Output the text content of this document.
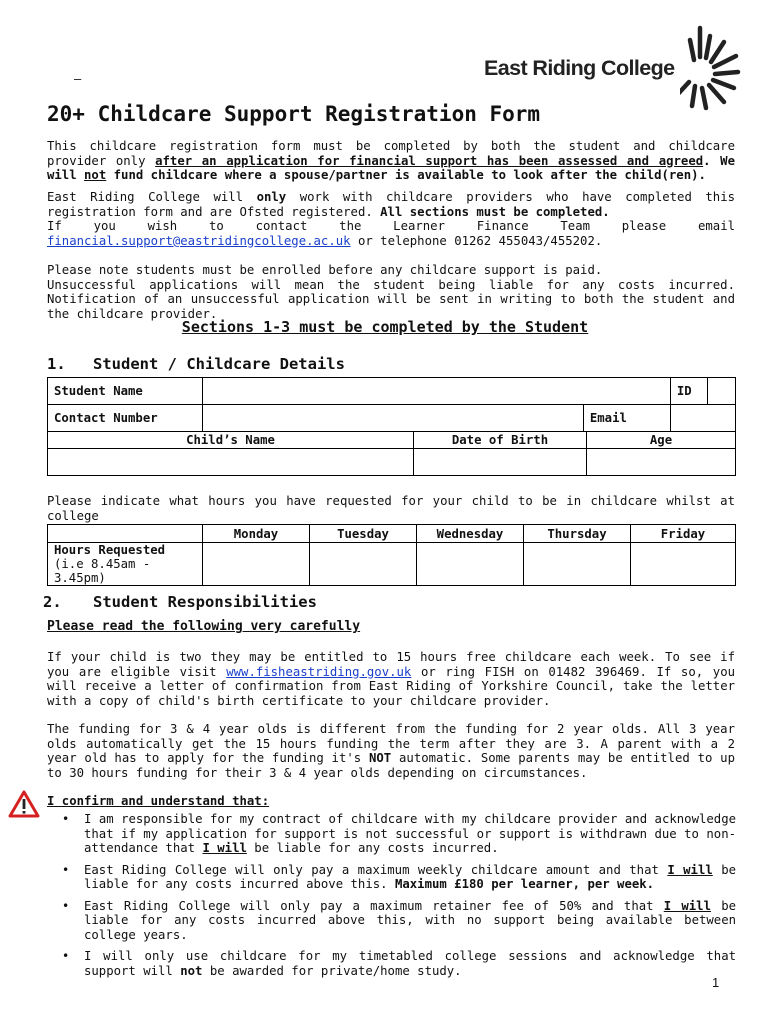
–	East Riding College
20+ Childcare Support Registration Form

This childcare registration form must be completed by both the student and childcare provider only after an application for financial support has been assessed and agreed. We will not fund childcare where a spouse/partner is available to look after the child(ren).

East Riding College will only work with childcare providers who have completed this registration form and are Ofsted registered. All sections must be completed.

If you wish to contact the Learner Finance Team please email

financial.support@eastridingcollege.ac.uk or telephone 01262 455043/455202.

Please note students must be enrolled before any childcare support is paid.

Unsuccessful applications will mean the student being liable for any costs incurred. Notification of an unsuccessful application will be sent in writing to both the student and the childcare provider.

Sections 1-3 must be completed by the Student
1. Student / Childcare Details
Student Name			ID	
Contact Number		Email		
Child’s Name	Date of Birth	Age

Please indicate what hours you have requested for your child to be in childcare whilst at college
	Monday	Tuesday	Wednesday	Thursday	Friday

Hours Requested
(i.e 8.45am - 3.45pm)					

2. Student Responsibilities
Please read the following very carefully

If your child is two they may be entitled to 15 hours free childcare each week. To see if you are eligible visit www.fisheastriding.gov.uk or ring FISH on 01482 396469. If so, you will receive a letter of confirmation from East Riding of Yorkshire Council, take the letter with a copy of child's birth certificate to your childcare provider.

The funding for 3 & 4 year olds is different from the funding for 2 year olds. All 3 year olds automatically get the 15 hours funding the term after they are 3. A parent with a 2 year old has to apply for the funding it's NOT automatic. Some parents may be entitled to up to 30 hours funding for their 3 & 4 year olds depending on circumstances.

I confirm and understand that:
• I am responsible for my contract of childcare with my childcare provider and acknowledge that if my application for support is not successful or support is withdrawn due to non-attendance that I will be liable for any costs incurred.
• East Riding College will only pay a maximum weekly childcare amount and that I will be liable for any costs incurred above this. Maximum £180 per learner, per week.
• East Riding College will only pay a maximum retainer fee of 50% and that I will be liable for any costs incurred above this, with no support being available between college years.
• I will only use childcare for my timetabled college sessions and acknowledge that support will not be awarded for private/home study.
1
